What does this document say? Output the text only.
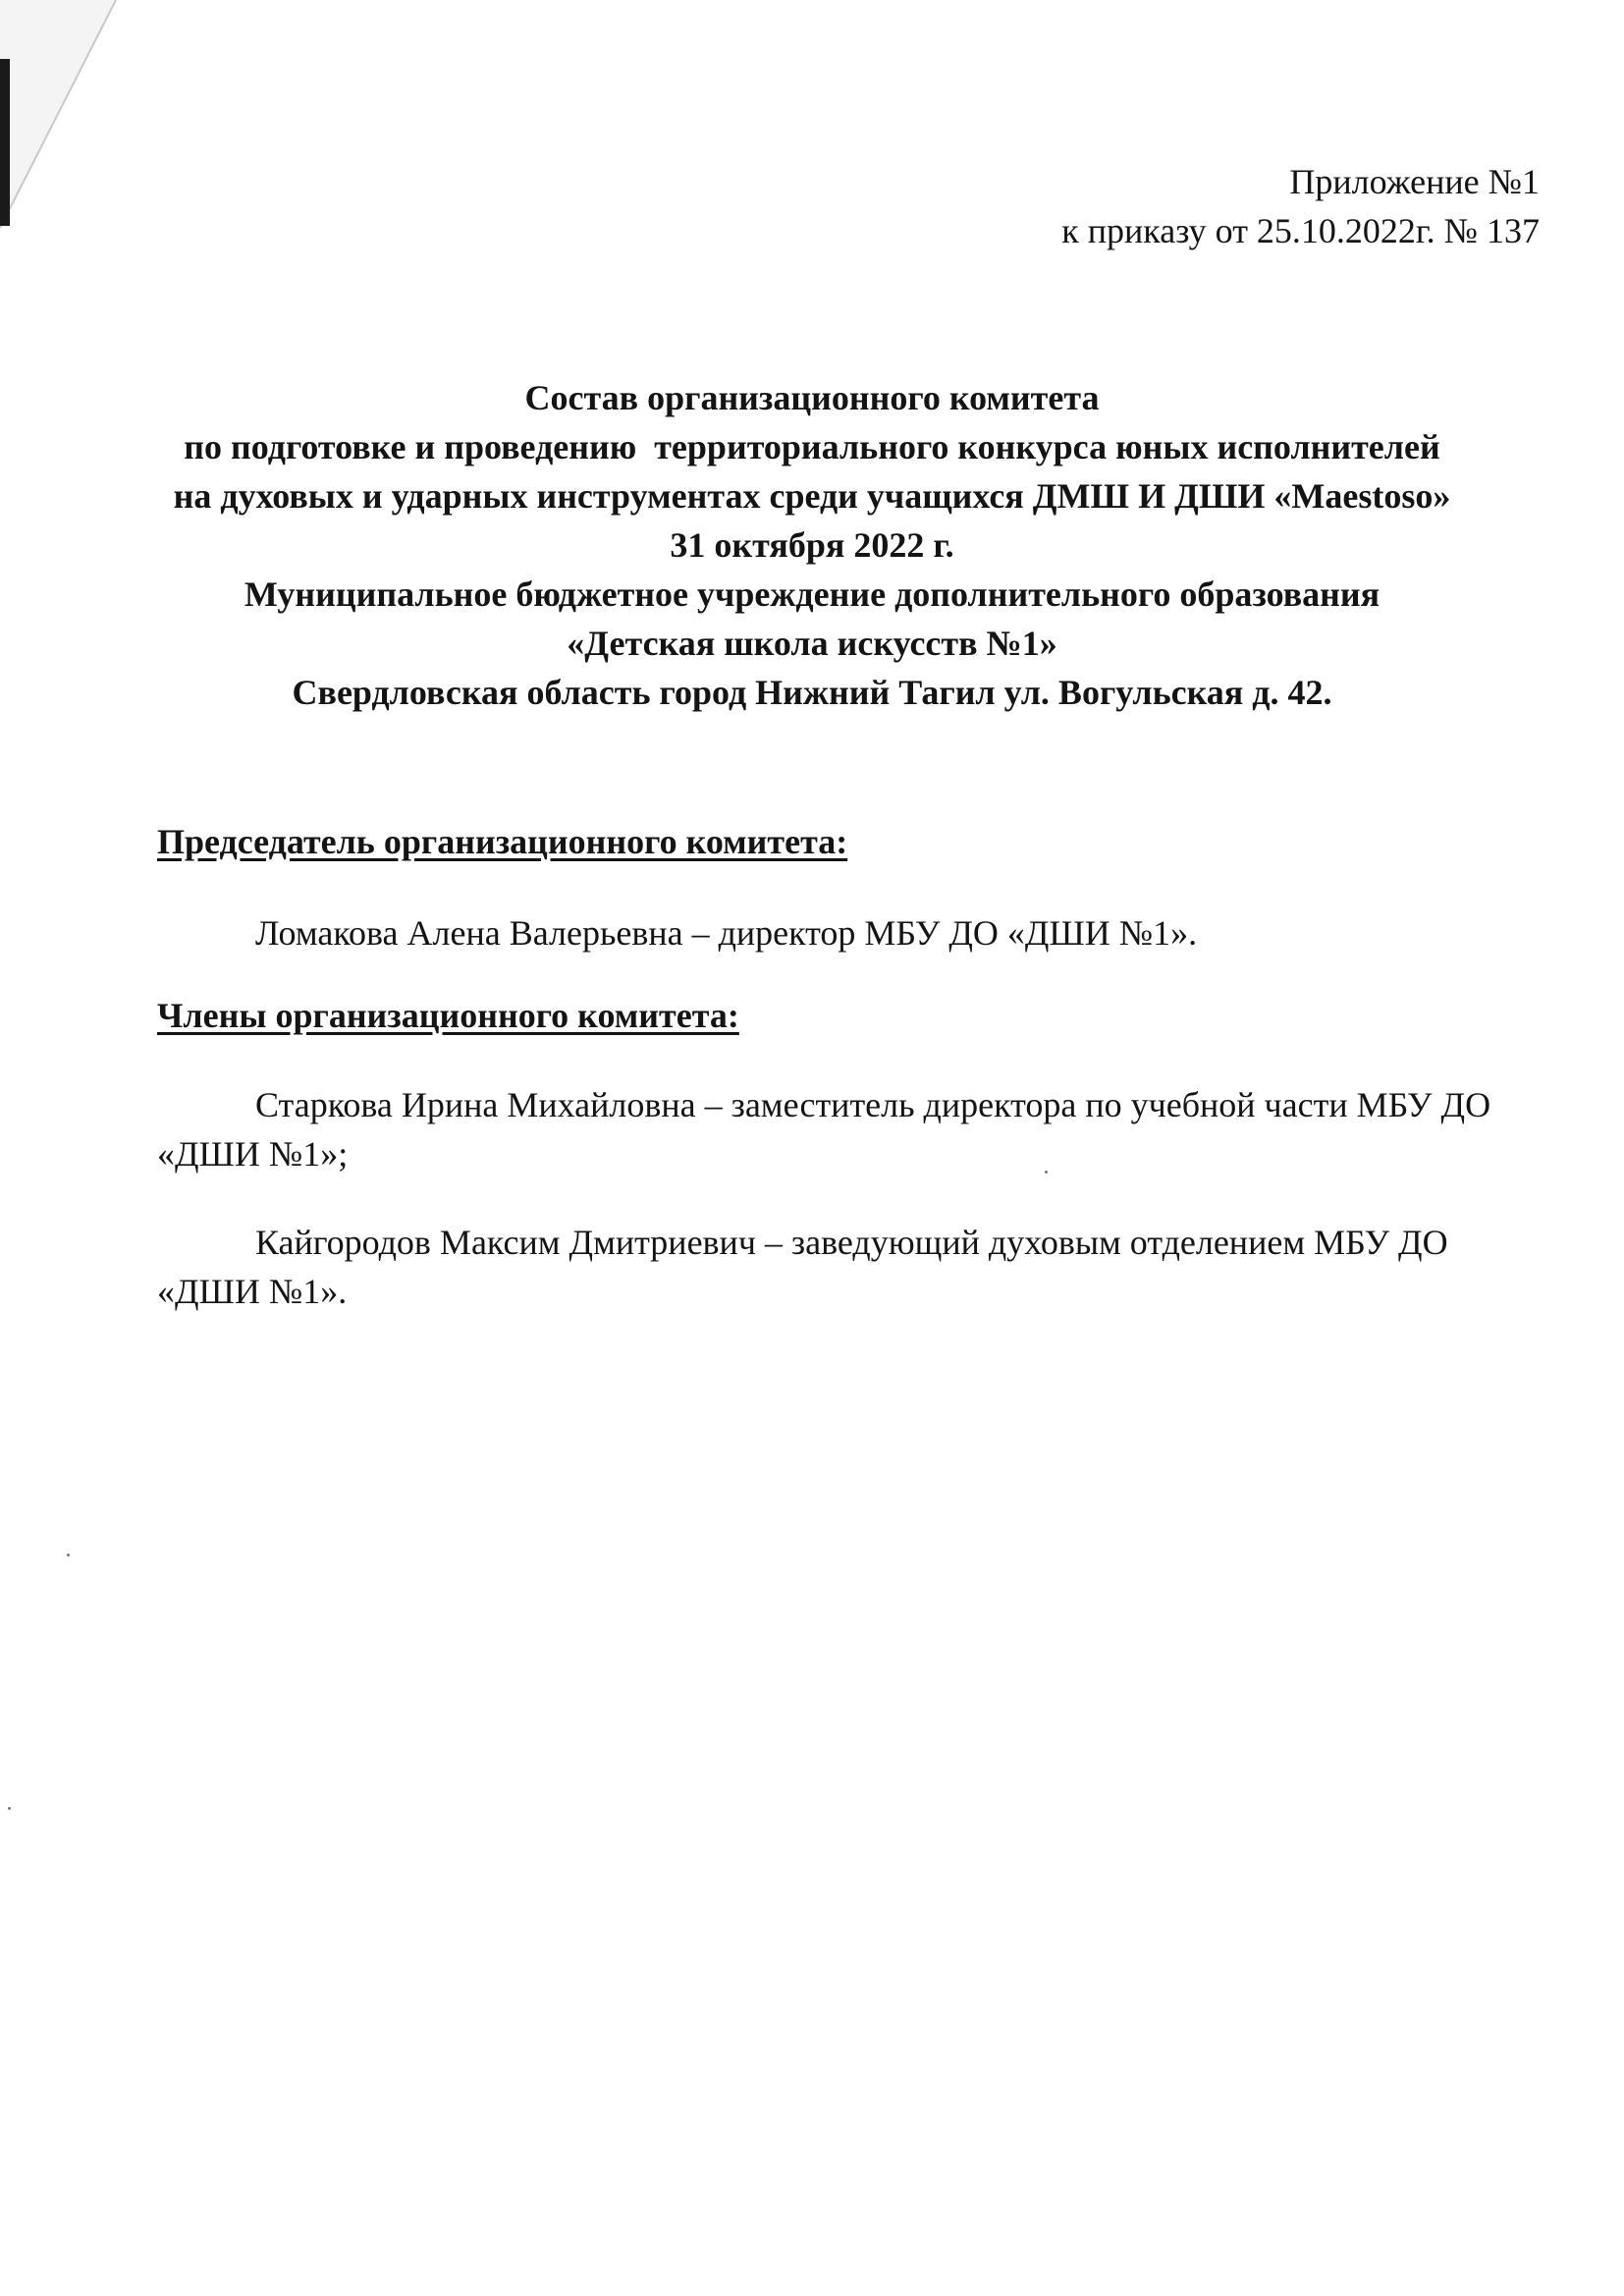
Приложение №1
к приказу от 25.10.2022г. № 137
Состав организационного комитета
по подготовке и проведению  территориального конкурса юных исполнителей
на духовых и ударных инструментах среди учащихся ДМШ И ДШИ «Maestoso»
31 октября 2022 г.
Муниципальное бюджетное учреждение дополнительного образования
«Детская школа искусств №1»
Свердловская область город Нижний Тагил ул. Вогульская д. 42.
Председатель организационного комитета:
Ломакова Алена Валерьевна – директор МБУ ДО «ДШИ №1».
Члены организационного комитета:
Старкова Ирина Михайловна – заместитель директора по учебной части МБУ ДО «ДШИ №1»;
Кайгородов Максим Дмитриевич – заведующий духовым отделением МБУ ДО «ДШИ №1».
